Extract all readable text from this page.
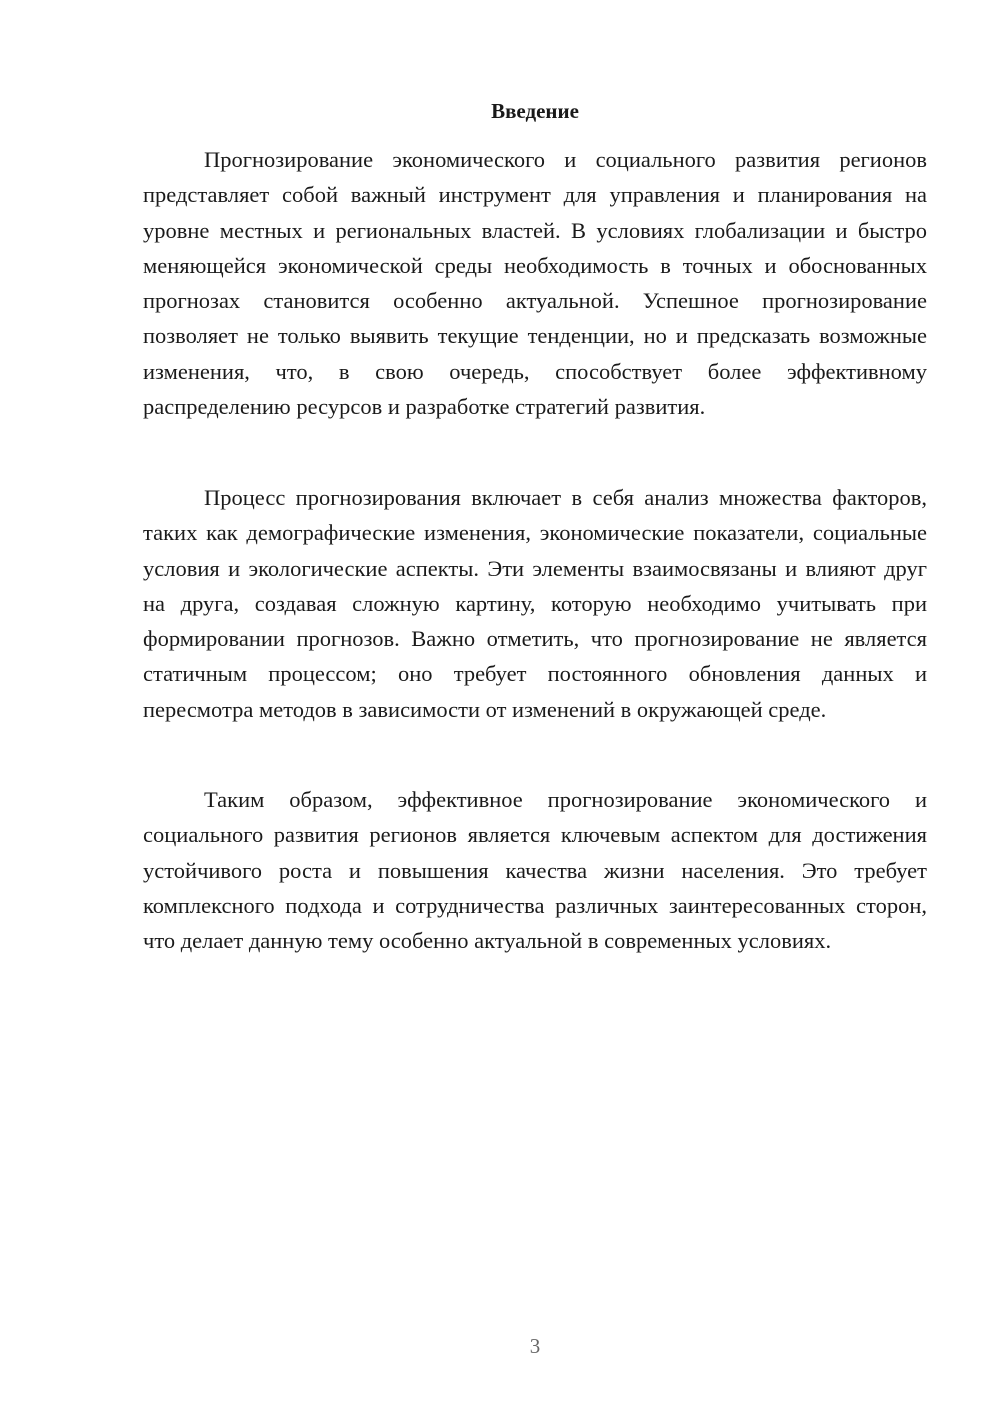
Введение

Прогнозирование экономического и социального развития регионов представляет собой важный инструмент для управления и планирования на уровне местных и региональных властей. В условиях глобализации и быстро меняющейся экономической среды необходимость в точных и обоснованных прогнозах становится особенно актуальной. Успешное прогнозирование позволяет не только выявить текущие тенденции, но и предсказать возможные изменения, что, в свою очередь, способствует более эффективному распределению ресурсов и разработке стратегий развития.

Процесс прогнозирования включает в себя анализ множества факторов, таких как демографические изменения, экономические показатели, социальные условия и экологические аспекты. Эти элементы взаимосвязаны и влияют друг на друга, создавая сложную картину, которую необходимо учитывать при формировании прогнозов. Важно отметить, что прогнозирование не является статичным процессом; оно требует постоянного обновления данных и пересмотра методов в зависимости от изменений в окружающей среде.

Таким образом, эффективное прогнозирование экономического и социального развития регионов является ключевым аспектом для достижения устойчивого роста и повышения качества жизни населения. Это требует комплексного подхода и сотрудничества различных заинтересованных сторон, что делает данную тему особенно актуальной в современных условиях.

3
